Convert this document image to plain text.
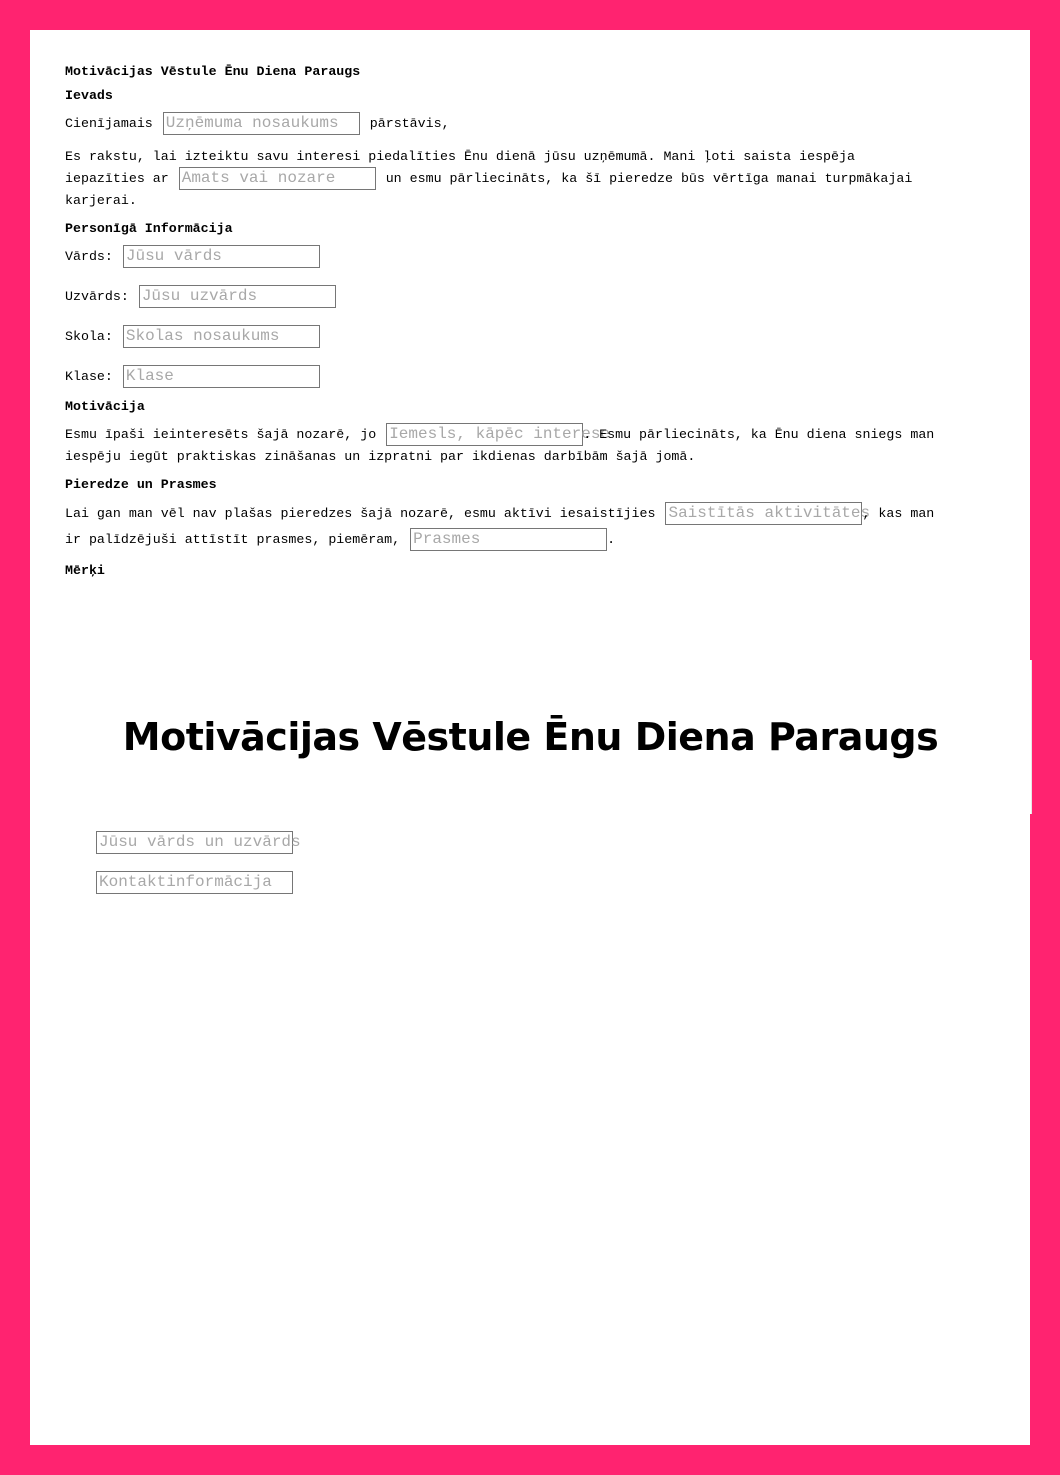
Motivācijas Vēstule Ēnu Diena Paraugs
Ievads

Cienījamais Uzņēmuma nosaukums pārstāvis,

Es rakstu, lai izteiktu savu interesi piedalīties Ēnu dienā jūsu uzņēmumā. Mani ļoti saista iespēja iepazīties ar Amats vai nozare	un esmu pārliecināts, ka šī pieredze būs vērtīga manai turpmākajai karjerai.

Personīgā Informācija
Vārds: Jūsu vārds
Uzvārds: Jūsu uzvārds
Skola: Skolas nosaukums
Klase: Klase
Motivācija

Esmu īpaši ieinteresēts šajā nozarē, jo Iemesls, kāpēc interese. Esmu pārliecināts, ka Ēnu diena sniegs man iespēju iegūt praktiskas zināšanas un izpratni par ikdienas darbībām šajā jomā.

Pieredze un Prasmes

Lai gan man vēl nav plašas pieredzes šajā nozarē, esmu aktīvi iesaistījies Saistītās aktivitātes, kas man ir palīdzējuši attīstīt prasmes, piemēram, Prasmes	.

Mērķi
Motivācijas Vēstule Ēnu Diena Paraugs
Jūsu vārds un uzvārds
Kontaktinformācija
